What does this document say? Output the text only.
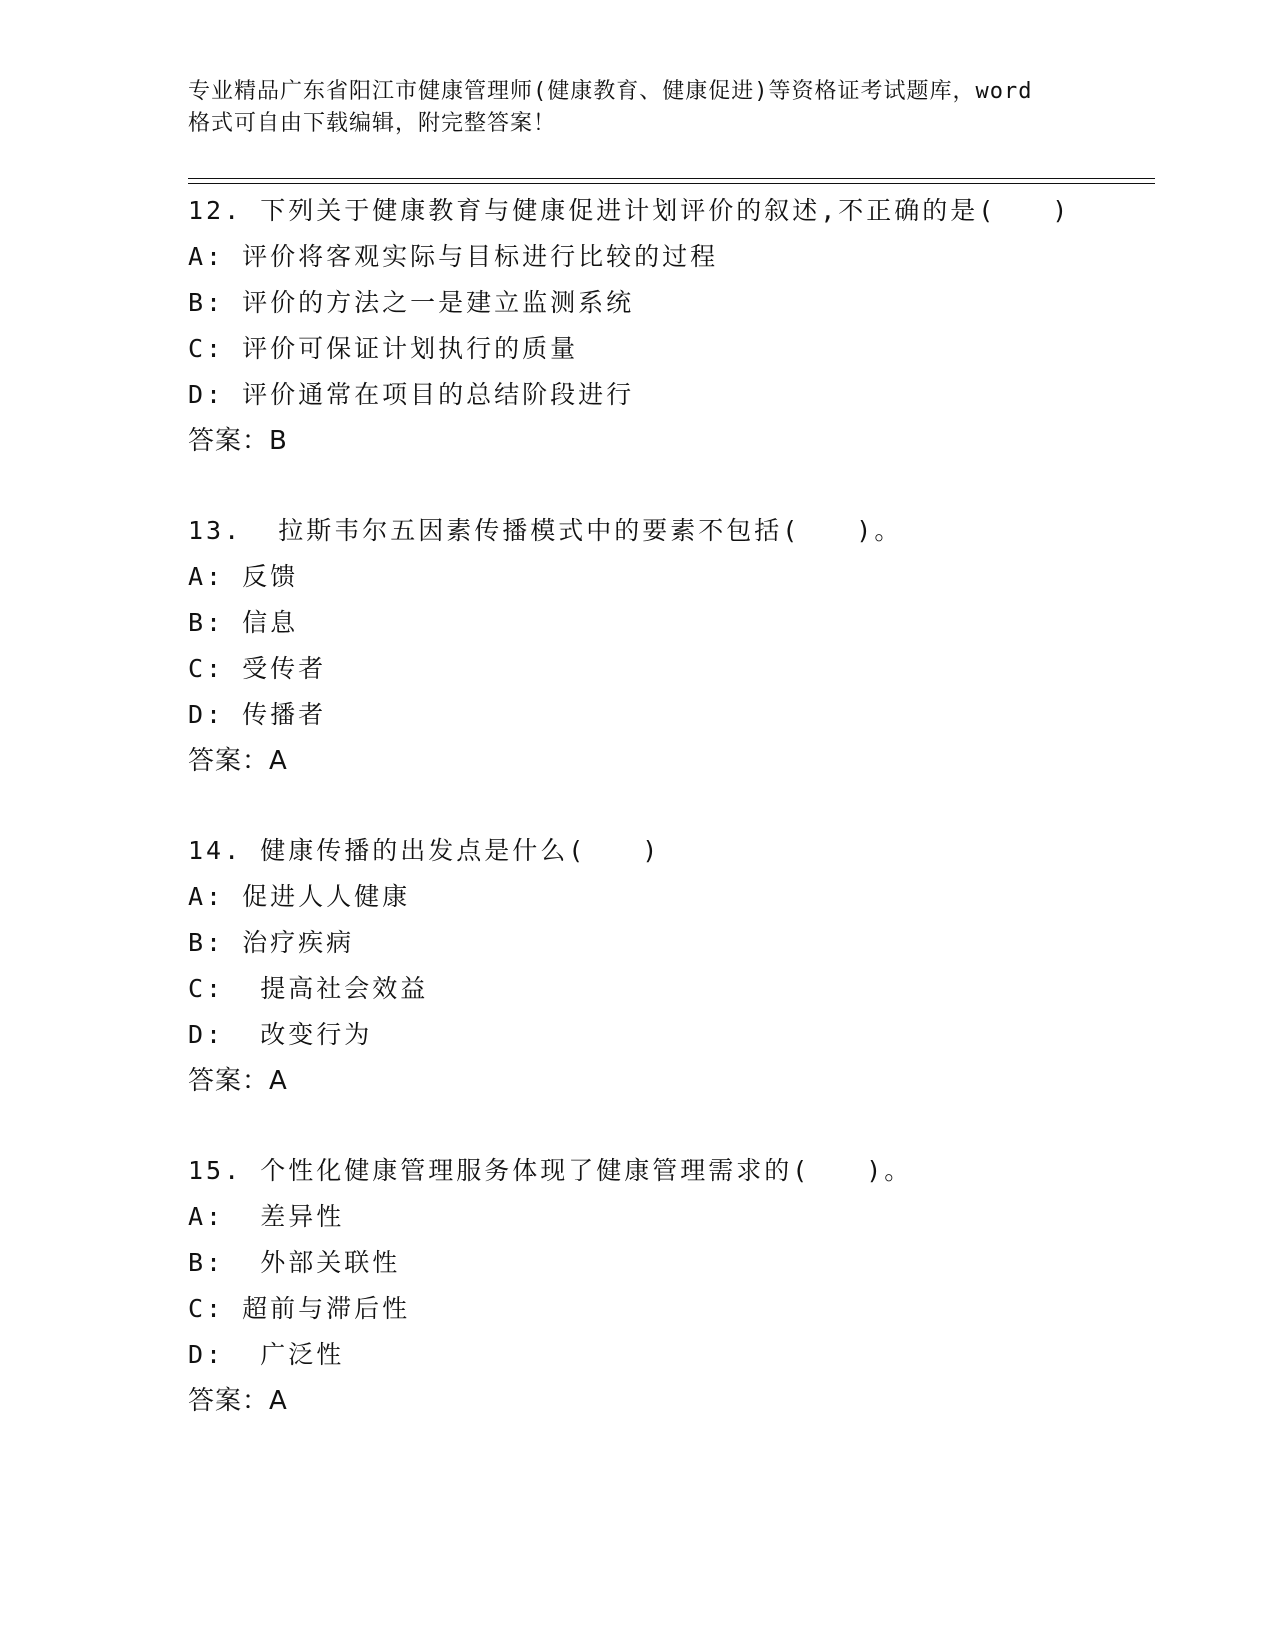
专业精品广东省阳江市健康管理师(健康教育、健康促进)等资格证考试题库，word
格式可自由下载编辑，附完整答案！
12. 下列关于健康教育与健康促进计划评价的叙述,不正确的是(　　)
A: 评价将客观实际与目标进行比较的过程
B: 评价的方法之一是建立监测系统
C: 评价可保证计划执行的质量
D: 评价通常在项目的总结阶段进行
答案：B
13.  拉斯韦尔五因素传播模式中的要素不包括(　　)。
A: 反馈
B: 信息
C: 受传者
D: 传播者
答案：A
14. 健康传播的出发点是什么(　　)
A: 促进人人健康
B: 治疗疾病
C:  提高社会效益
D:  改变行为
答案：A
15. 个性化健康管理服务体现了健康管理需求的(　　)。
A:  差异性
B:  外部关联性
C: 超前与滞后性
D:  广泛性
答案：A
